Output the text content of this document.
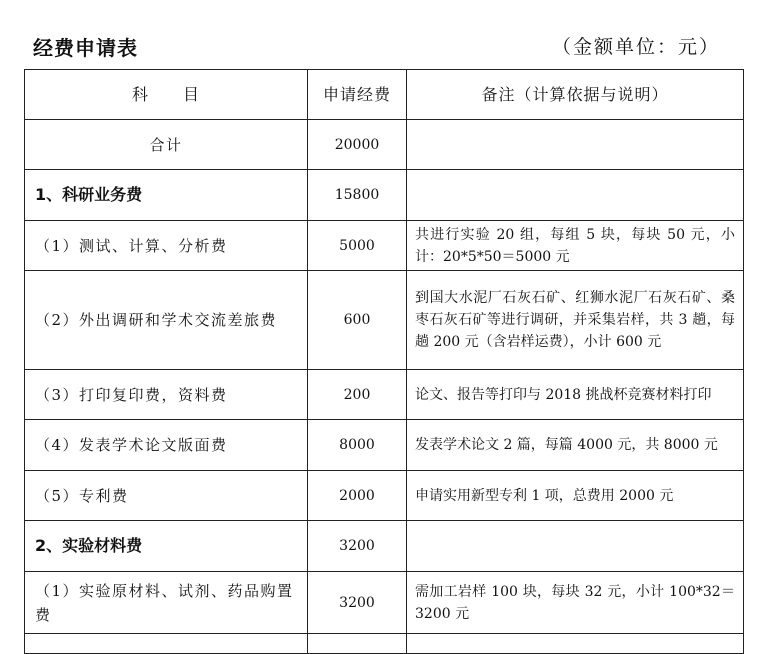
经费申请表	（金额单位：元）
科　　目	申请经费	备注（计算依据与说明）
合计	20000	
1、科研业务费	15800	
（1）测试、计算、分析费	5000	共进行实验 20 组，每组 5 块，每块 50 元，小计：20*5*50＝5000 元
（2）外出调研和学术交流差旅费	600	到国大水泥厂石灰石矿、红狮水泥厂石灰石矿、桑枣石灰石矿等进行调研，并采集岩样，共 3 趟，每趟 200 元（含岩样运费），小计 600 元
（3）打印复印费，资料费	200	论文、报告等打印与 2018 挑战杯竞赛材料打印
（4）发表学术论文版面费	8000	发表学术论文 2 篇，每篇 4000 元，共 8000 元
（5）专利费	2000	申请实用新型专利 1 项，总费用 2000 元
2、实验材料费	3200	
（1）实验原材料、试剂、药品购置费	3200	需加工岩样 100 块，每块 32 元，小计 100*32＝3200 元
